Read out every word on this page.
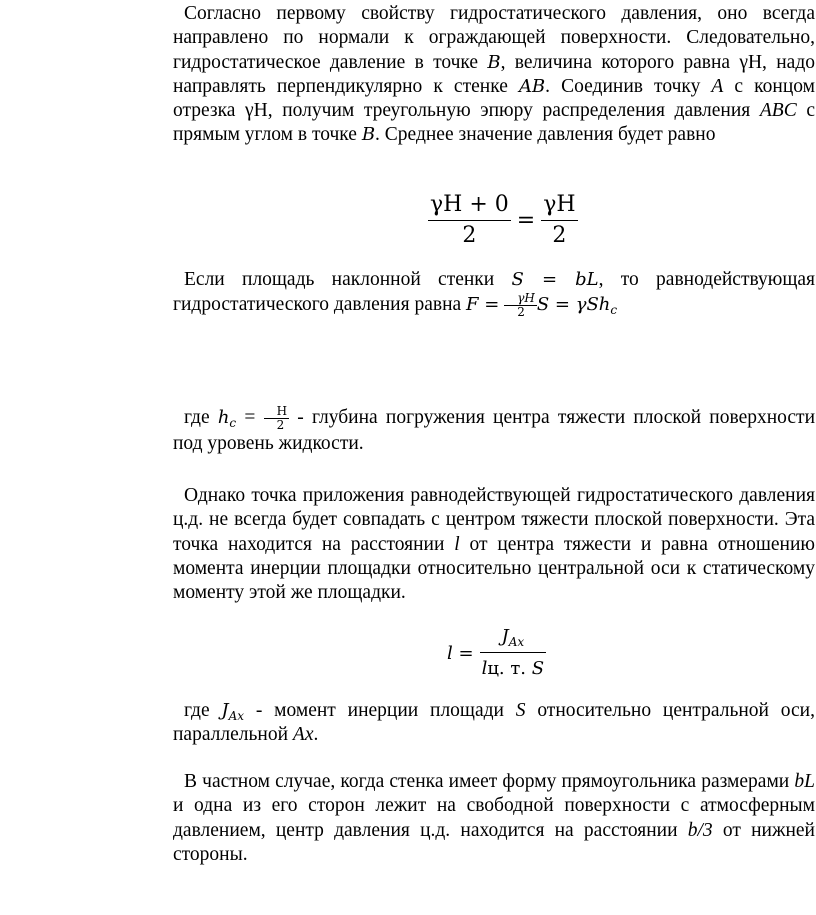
Согласно первому свойству гидростатического давления, оно всегда направлено по нормали к ограждающей поверхности. Следовательно, гидростатическое давление в точке B, величина которого равна γН, надо направлять перпендикулярно к стенке AB. Соединив точку A с концом отрезка γН, получим треугольную эпюру распределения давления ABC с прямым углом в точке B. Среднее значение давления будет равно
$\frac{\gamma H + 0}{2} = \frac{\gamma H}{2}$
Если площадь наклонной стенки S = bL, то равнодействующая гидростатического давления равна $F = \frac{\gamma H}{2}$ S = γSh$_c$
где $h_c = \frac{H}{2}$ - глубина погружения центра тяжести плоской поверхности под уровень жидкости.
Однако точка приложения равнодействующей гидростатического давления ц.д. не всегда будет совпадать с центром тяжести плоской поверхности. Эта точка находится на расстоянии l от центра тяжести и равна отношению момента инерции площадки относительно центральной оси к статическому моменту этой же площадки.
$l = \frac{J_{Ax}}{lц. т. S}$
где $J_{Ax}$ - момент инерции площади S относительно центральной оси, параллельной Ax.
В частном случае, когда стенка имеет форму прямоугольника размерами bL и одна из его сторон лежит на свободной поверхности с атмосферным давлением, центр давления ц.д. находится на расстоянии b/3 от нижней стороны.
